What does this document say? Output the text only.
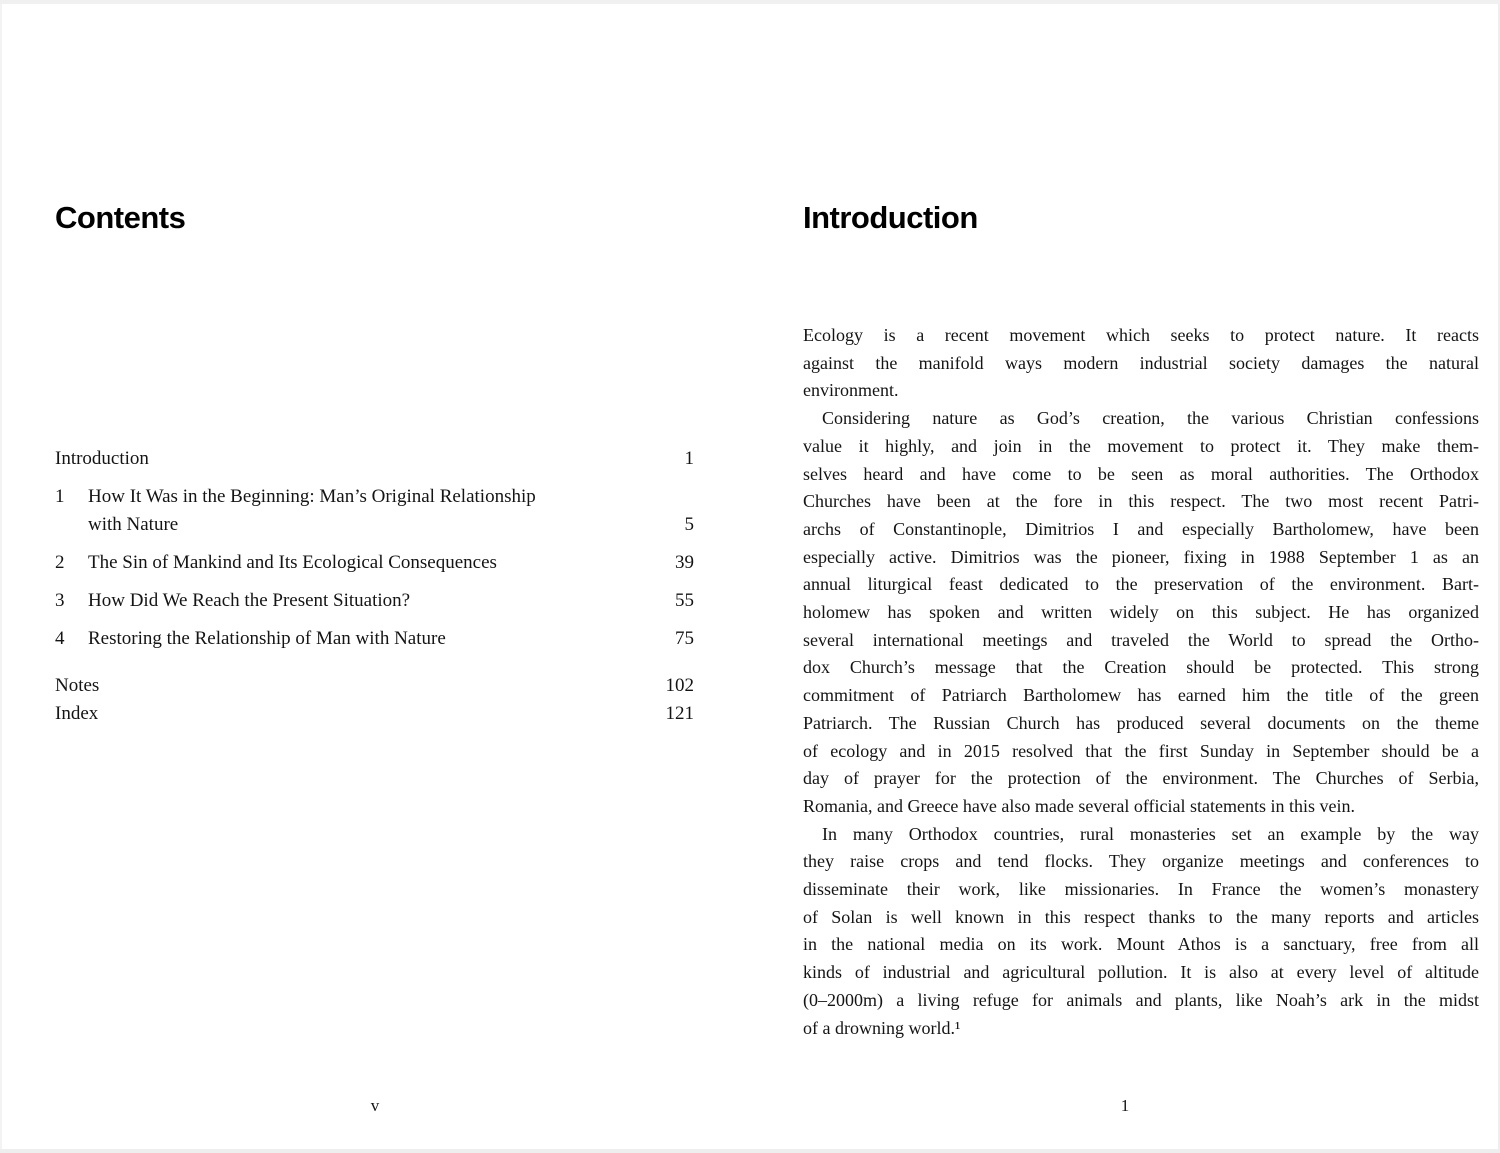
Contents
Introduction	1
1	How It Was in the Beginning: Man’s Original Relationship
with Nature	5
2	The Sin of Mankind and Its Ecological Consequences	39
3	How Did We Reach the Present Situation?	55
4	Restoring the Relationship of Man with Nature	75
Notes	102
Index	121
v
Introduction
Ecology is a recent movement which seeks to protect nature. It reacts
against the manifold ways modern industrial society damages the natural
environment.
Considering nature as God’s creation, the various Christian confessions
value it highly, and join in the movement to protect it. They make them-
selves heard and have come to be seen as moral authorities. The Orthodox
Churches have been at the fore in this respect. The two most recent Patri-
archs of Constantinople, Dimitrios I and especially Bartholomew, have been
especially active. Dimitrios was the pioneer, fixing in 1988 September 1 as an
annual liturgical feast dedicated to the preservation of the environment. Bart-
holomew has spoken and written widely on this subject. He has organized
several international meetings and traveled the World to spread the Ortho-
dox Church’s message that the Creation should be protected. This strong
commitment of Patriarch Bartholomew has earned him the title of the green
Patriarch. The Russian Church has produced several documents on the theme
of ecology and in 2015 resolved that the first Sunday in September should be a
day of prayer for the protection of the environment. The Churches of Serbia,
Romania, and Greece have also made several official statements in this vein.
In many Orthodox countries, rural monasteries set an example by the way
they raise crops and tend flocks. They organize meetings and conferences to
disseminate their work, like missionaries. In France the women’s monastery
of Solan is well known in this respect thanks to the many reports and articles
in the national media on its work. Mount Athos is a sanctuary, free from all
kinds of industrial and agricultural pollution. It is also at every level of altitude
(0–2000m) a living refuge for animals and plants, like Noah’s ark in the midst
of a drowning world.¹
1
